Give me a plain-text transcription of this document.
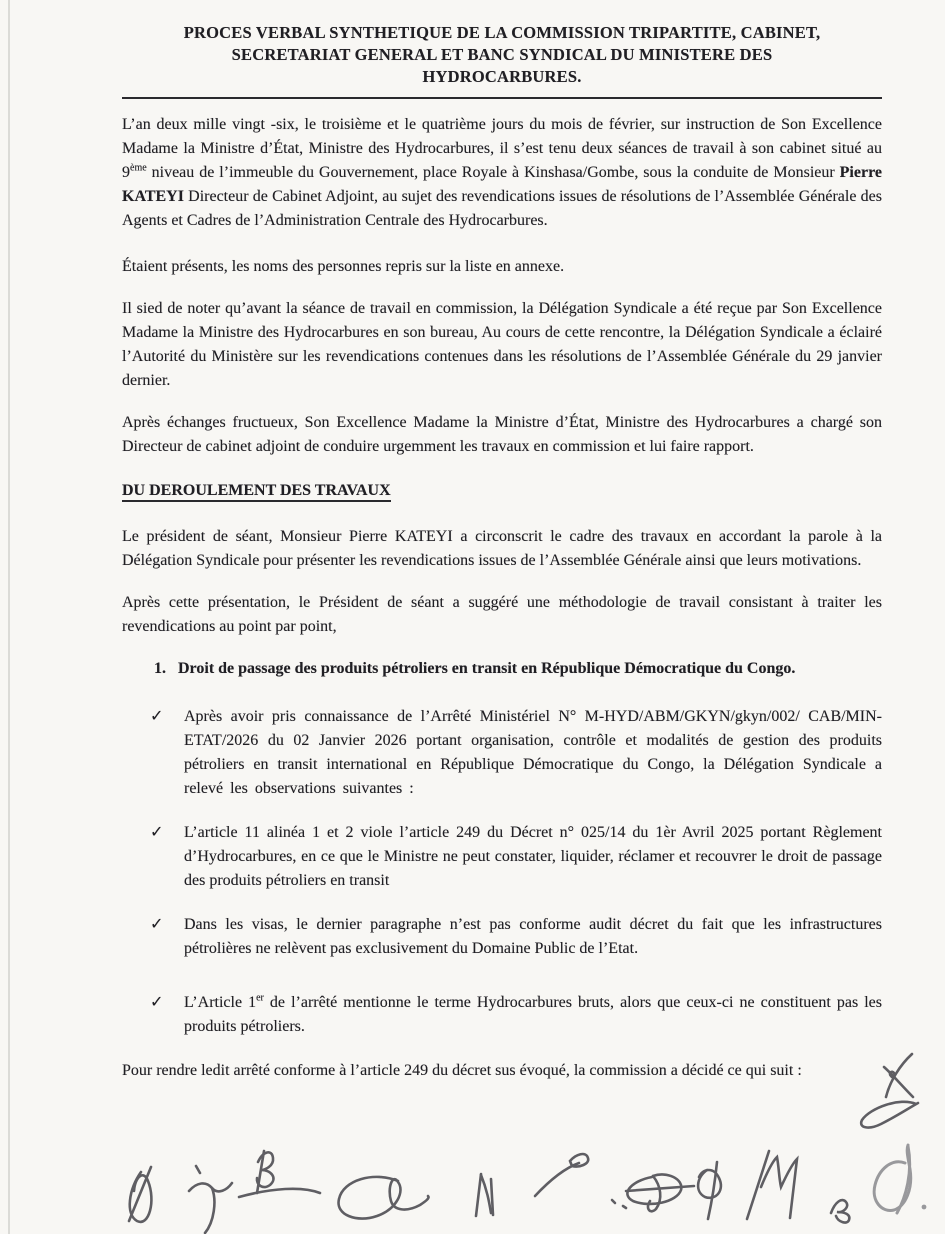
PROCES VERBAL SYNTHETIQUE DE LA COMMISSION TRIPARTITE, CABINET, SECRETARIAT GENERAL ET BANC SYNDICAL DU MINISTERE DES HYDROCARBURES.

L’an deux mille vingt -six, le troisième et le quatrième jours du mois de février, sur instruction de Son Excellence Madame la Ministre d’État, Ministre des Hydrocarbures, il s’est tenu deux séances de travail à son cabinet situé au 9ème niveau de l’immeuble du Gouvernement, place Royale à Kinshasa/Gombe, sous la conduite de Monsieur Pierre KATEYI Directeur de Cabinet Adjoint, au sujet des revendications issues de résolutions de l’Assemblée Générale des Agents et Cadres de l’Administration Centrale des Hydrocarbures.

Étaient présents, les noms des personnes repris sur la liste en annexe.

Il sied de noter qu’avant la séance de travail en commission, la Délégation Syndicale a été reçue par Son Excellence Madame la Ministre des Hydrocarbures en son bureau, Au cours de cette rencontre, la Délégation Syndicale a éclairé l’Autorité du Ministère sur les revendications contenues dans les résolutions de l’Assemblée Générale du 29 janvier dernier.

Après échanges fructueux, Son Excellence Madame la Ministre d’État, Ministre des Hydrocarbures a chargé son Directeur de cabinet adjoint de conduire urgemment les travaux en commission et lui faire rapport.

DU DEROULEMENT DES TRAVAUX

Le président de séant, Monsieur Pierre KATEYI a circonscrit le cadre des travaux en accordant la parole à la Délégation Syndicale pour présenter les revendications issues de l’Assemblée Générale ainsi que leurs motivations.

Après cette présentation, le Président de séant a suggéré une méthodologie de travail consistant à traiter les revendications au point par point,

1. Droit de passage des produits pétroliers en transit en République Démocratique du Congo.
✓	Après avoir pris connaissance de l’Arrêté Ministériel N° M-HYD/ABM/GKYN/gkyn/002/ CAB/MIN-ETAT/2026 du 02 Janvier 2026 portant organisation, contrôle et modalités de gestion des produits pétroliers en transit international en République Démocratique du Congo, la Délégation Syndicale a relevé les observations suivantes :
✓	L’article 11 alinéa 1 et 2 viole l’article 249 du Décret n° 025/14 du 1èr Avril 2025 portant Règlement d’Hydrocarbures, en ce que le Ministre ne peut constater, liquider, réclamer et recouvrer le droit de passage des produits pétroliers en transit
✓	Dans les visas, le dernier paragraphe n’est pas conforme audit décret du fait que les infrastructures pétrolières ne relèvent pas exclusivement du Domaine Public de l’Etat.
✓	L’Article 1er de l’arrêté mentionne le terme Hydrocarbures bruts, alors que ceux-ci ne constituent pas les produits pétroliers.

Pour rendre ledit arrêté conforme à l’article 249 du décret sus évoqué, la commission a décidé ce qui suit :
